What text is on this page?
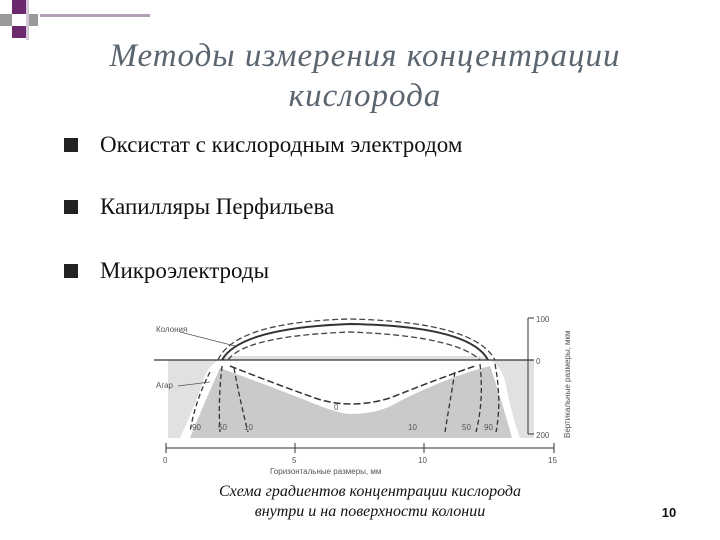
Методы измерения концентрации
кислорода
Оксистат с кислородным электродом
Капилляры Перфильева
Микроэлектроды
Колония
Агар
90 50 10
0
10	50 90
100
0
200 Вертикальные размеры, мкм
0	5	10	15
Горизонтальные размеры, мм
Схема градиентов концентрации кислорода
внутри и на поверхности колонии	10
